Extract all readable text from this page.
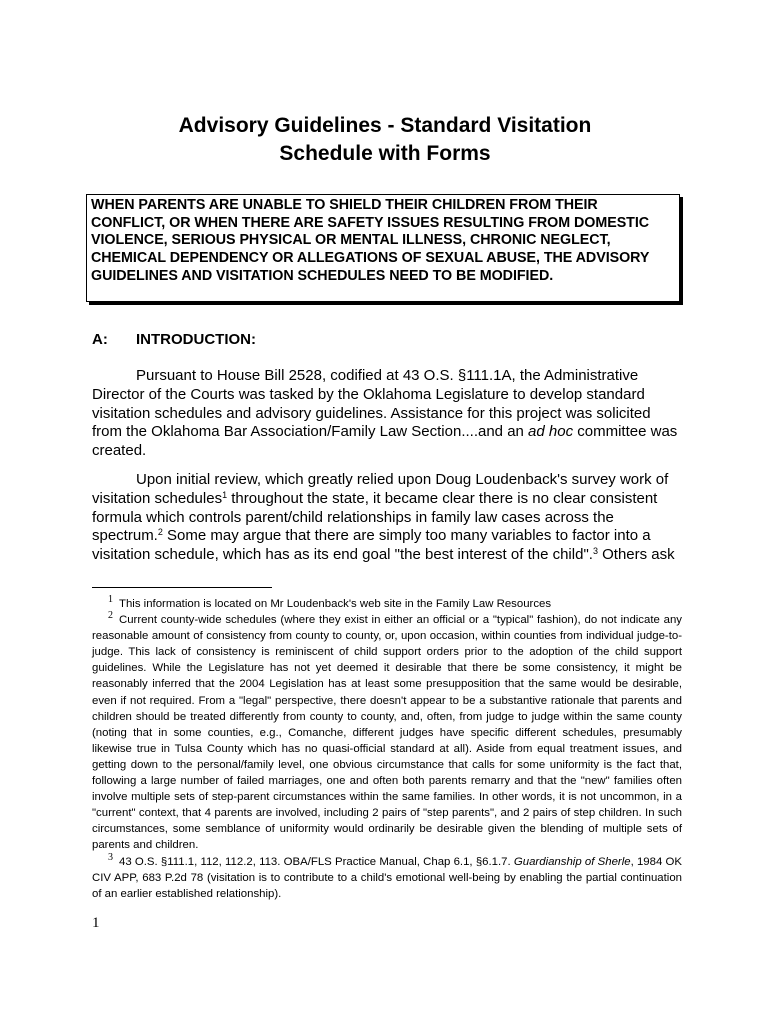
Advisory Guidelines - Standard Visitation
Schedule with Forms
WHEN PARENTS ARE UNABLE TO SHIELD THEIR CHILDREN FROM THEIR CONFLICT, OR WHEN THERE ARE SAFETY ISSUES RESULTING FROM DOMESTIC VIOLENCE, SERIOUS PHYSICAL OR MENTAL ILLNESS, CHRONIC NEGLECT, CHEMICAL DEPENDENCY OR ALLEGATIONS OF SEXUAL ABUSE, THE ADVISORY GUIDELINES AND VISITATION SCHEDULES NEED TO BE MODIFIED.
A: INTRODUCTION:

Pursuant to House Bill 2528, codified at 43 O.S. §111.1A, the Administrative Director of the Courts was tasked by the Oklahoma Legislature to develop standard visitation schedules and advisory guidelines. Assistance for this project was solicited from the Oklahoma Bar Association/Family Law Section....and an ad hoc committee was created.

Upon initial review, which greatly relied upon Doug Loudenback's survey work of visitation schedules$^1$ throughout the state, it became clear there is no clear consistent formula which controls parent/child relationships in family law cases across the spectrum.$^2$ Some may argue that there are simply too many variables to factor into a visitation schedule, which has as its end goal "the best interest of the child".$^3$ Others ask

1 This information is located on Mr Loudenback's web site in the Family Law Resources

2 Current county-wide schedules (where they exist in either an official or a "typical" fashion), do not indicate any reasonable amount of consistency from county to county, or, upon occasion, within counties from individual judge-to-judge. This lack of consistency is reminiscent of child support orders prior to the adoption of the child support guidelines. While the Legislature has not yet deemed it desirable that there be some consistency, it might be reasonably inferred that the 2004 Legislation has at least some presupposition that the same would be desirable, even if not required. From a "legal" perspective, there doesn't appear to be a substantive rationale that parents and children should be treated differently from county to county, and, often, from judge to judge within the same county (noting that in some counties, e.g., Comanche, different judges have specific different schedules, presumably likewise true in Tulsa County which has no quasi-official standard at all). Aside from equal treatment issues, and getting down to the personal/family level, one obvious circumstance that calls for some uniformity is the fact that, following a large number of failed marriages, one and often both parents remarry and that the "new" families often involve multiple sets of step-parent circumstances within the same families. In other words, it is not uncommon, in a "current" context, that 4 parents are involved, including 2 pairs of "step parents", and 2 pairs of step children. In such circumstances, some semblance of uniformity would ordinarily be desirable given the blending of multiple sets of parents and children.

3 43 O.S. §111.1, 112, 112.2, 113. OBA/FLS Practice Manual, Chap 6.1, §6.1.7. Guardianship of Sherle, 1984 OK CIV APP, 683 P.2d 78 (visitation is to contribute to a child's emotional well-being by enabling the partial continuation of an earlier established relationship).

1
